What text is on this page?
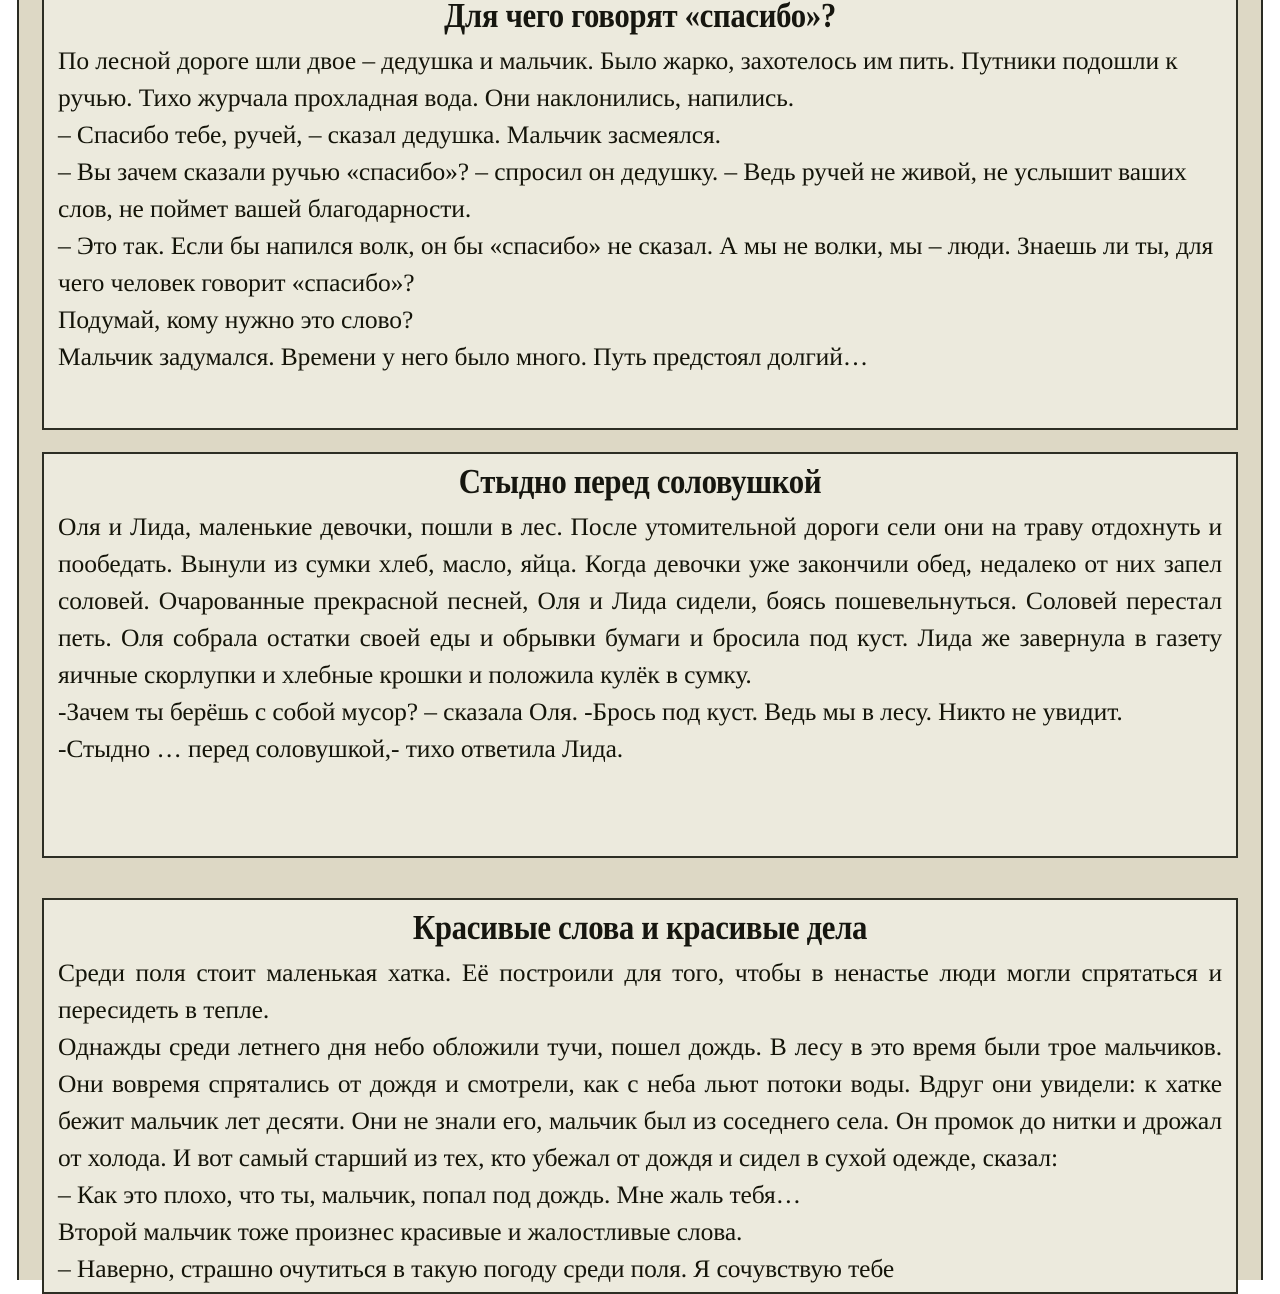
Для чего говорят «спасибо»?

По лесной дороге шли двое – дедушка и мальчик. Было жарко, захотелось им пить. Путники подошли к ручью. Тихо журчала прохладная вода. Они наклонились, напились.

– Спасибо тебе, ручей, – сказал дедушка. Мальчик засмеялся.

– Вы зачем сказали ручью «спасибо»? – спросил он дедушку. – Ведь ручей не живой, не услышит ваших слов, не поймет вашей благодарности.

– Это так. Если бы напился волк, он бы «спасибо» не сказал. А мы не волки, мы – люди. Знаешь ли ты, для чего человек говорит «спасибо»?

Подумай, кому нужно это слово?

Мальчик задумался. Времени у него было много. Путь предстоял долгий…

Стыдно перед соловушкой

Оля и Лида, маленькие девочки, пошли в лес. После утомительной дороги сели они на траву отдохнуть и пообедать. Вынули из сумки хлеб, масло, яйца. Когда девочки уже закончили обед, недалеко от них запел соловей. Очарованные прекрасной песней, Оля и Лида сидели, боясь пошевельнуться. Соловей перестал петь. Оля собрала остатки своей еды и обрывки бумаги и бросила под куст. Лида же завернула в газету яичные скорлупки и хлебные крошки и положила кулёк в сумку.

-Зачем ты берёшь с собой мусор? – сказала Оля. -Брось под куст. Ведь мы в лесу. Никто не увидит.

-Стыдно … перед соловушкой,- тихо ответила Лида.

Красивые слова и красивые дела

Среди поля стоит маленькая хатка. Её построили для того, чтобы в ненастье люди могли спрятаться и пересидеть в тепле.

Однажды среди летнего дня небо обложили тучи, пошел дождь. В лесу в это время были трое мальчиков. Они вовремя спрятались от дождя и смотрели, как с неба льют потоки воды. Вдруг они увидели: к хатке бежит мальчик лет десяти. Они не знали его, мальчик был из соседнего села. Он промок до нитки и дрожал от холода. И вот самый старший из тех, кто убежал от дождя и сидел в сухой одежде, сказал:

– Как это плохо, что ты, мальчик, попал под дождь. Мне жаль тебя…

Второй мальчик тоже произнес красивые и жалостливые слова.

– Наверно, страшно очутиться в такую погоду среди поля. Я сочувствую тебе
